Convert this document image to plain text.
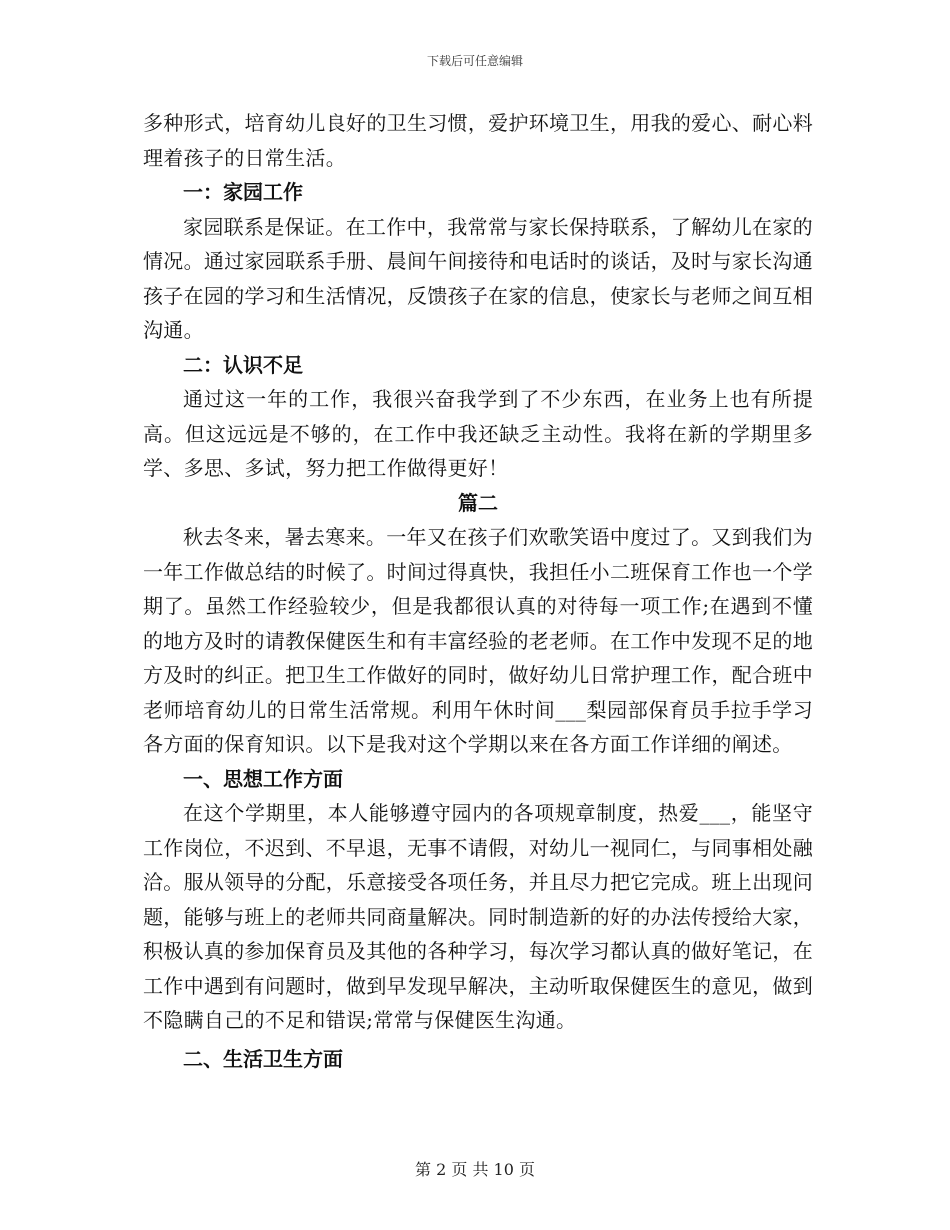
下载后可任意编辑

多种形式，培育幼儿良好的卫生习惯，爱护环境卫生，用我的爱心、耐心料理着孩子的日常生活。

一：家园工作

家园联系是保证。在工作中，我常常与家长保持联系，了解幼儿在家的情况。通过家园联系手册、晨间午间接待和电话时的谈话，及时与家长沟通孩子在园的学习和生活情况，反馈孩子在家的信息，使家长与老师之间互相沟通。

二：认识不足

通过这一年的工作，我很兴奋我学到了不少东西，在业务上也有所提高。但这远远是不够的，在工作中我还缺乏主动性。我将在新的学期里多学、多思、多试，努力把工作做得更好！

篇二

秋去冬来，暑去寒来。一年又在孩子们欢歌笑语中度过了。又到我们为一年工作做总结的时候了。时间过得真快，我担任小二班保育工作也一个学期了。虽然工作经验较少，但是我都很认真的对待每一项工作;在遇到不懂的地方及时的请教保健医生和有丰富经验的老老师。在工作中发现不足的地方及时的纠正。把卫生工作做好的同时，做好幼儿日常护理工作，配合班中老师培育幼儿的日常生活常规。利用午休时间___梨园部保育员手拉手学习各方面的保育知识。以下是我对这个学期以来在各方面工作详细的阐述。

一、思想工作方面

在这个学期里，本人能够遵守园内的各项规章制度，热爱___，能坚守工作岗位，不迟到、不早退，无事不请假，对幼儿一视同仁，与同事相处融洽。服从领导的分配，乐意接受各项任务，并且尽力把它完成。班上出现问题，能够与班上的老师共同商量解决。同时制造新的好的办法传授给大家，积极认真的参加保育员及其他的各种学习，每次学习都认真的做好笔记，在工作中遇到有问题时，做到早发现早解决，主动听取保健医生的意见，做到不隐瞒自己的不足和错误;常常与保健医生沟通。

二、生活卫生方面

第 2 页 共 10 页
